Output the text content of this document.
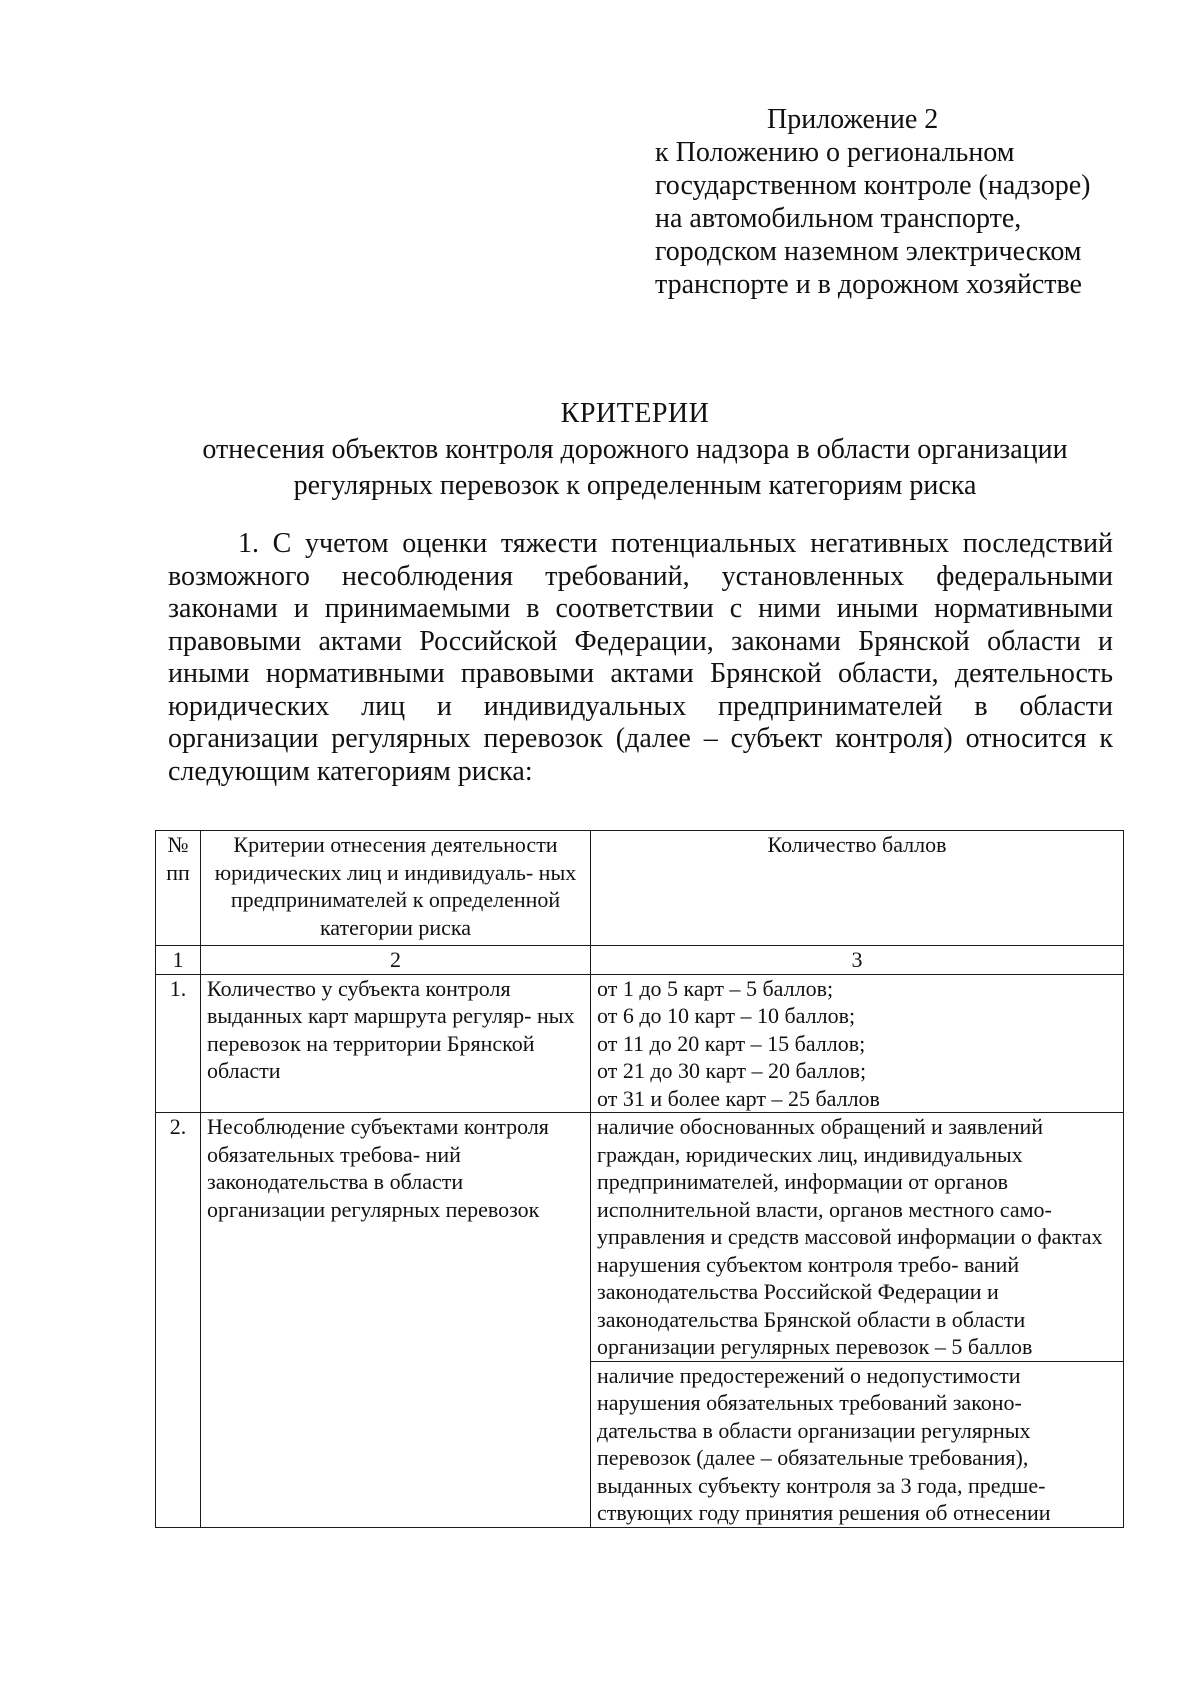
Приложение 2
к Положению о региональном
государственном контроле (надзоре)
на автомобильном транспорте,
городском наземном электрическом
транспорте и в дорожном хозяйстве
КРИТЕРИИ
отнесения объектов контроля дорожного надзора в области организации
регулярных перевозок к определенным категориям риска
1. С учетом оценки тяжести потенциальных негативных последствий возможного несоблюдения требований, установленных федеральными законами и принимаемыми в соответствии с ними иными нормативными правовыми актами Российской Федерации, законами Брянской области и иными нормативными правовыми актами Брянской области, деятельность юридических лиц и индивидуальных предпринимателей в области организации регулярных перевозок (далее – субъект контроля) относится к следующим категориям риска:
№ пп	Критерии отнесения деятельности юридических лиц и индивидуаль- ных предпринимателей к определенной категории риска	Количество баллов
1	2	3
1.	Количество у субъекта контроля выданных карт маршрута регуляр- ных перевозок на территории Брянской области	от 1 до 5 карт – 5 баллов;
от 6 до 10 карт – 10 баллов;
от 11 до 20 карт – 15 баллов;
от 21 до 30 карт – 20 баллов;
от 31 и более карт – 25 баллов

2.	Несоблюдение субъектами контроля обязательных требова- ний законодательства в области организации регулярных перевозок	наличие обоснованных обращений и заявлений граждан, юридических лиц, индивидуальных предпринимателей, информации от органов исполнительной власти, органов местного само- управления и средств массовой информации о фактах нарушения субъектом контроля требо- ваний законодательства Российской Федерации и законодательства Брянской области в области организации регулярных перевозок – 5 баллов
наличие предостережений о недопустимости нарушения обязательных требований законо- дательства в области организации регулярных перевозок (далее – обязательные требования), выданных субъекту контроля за 3 года, предше- ствующих году принятия решения об отнесении
